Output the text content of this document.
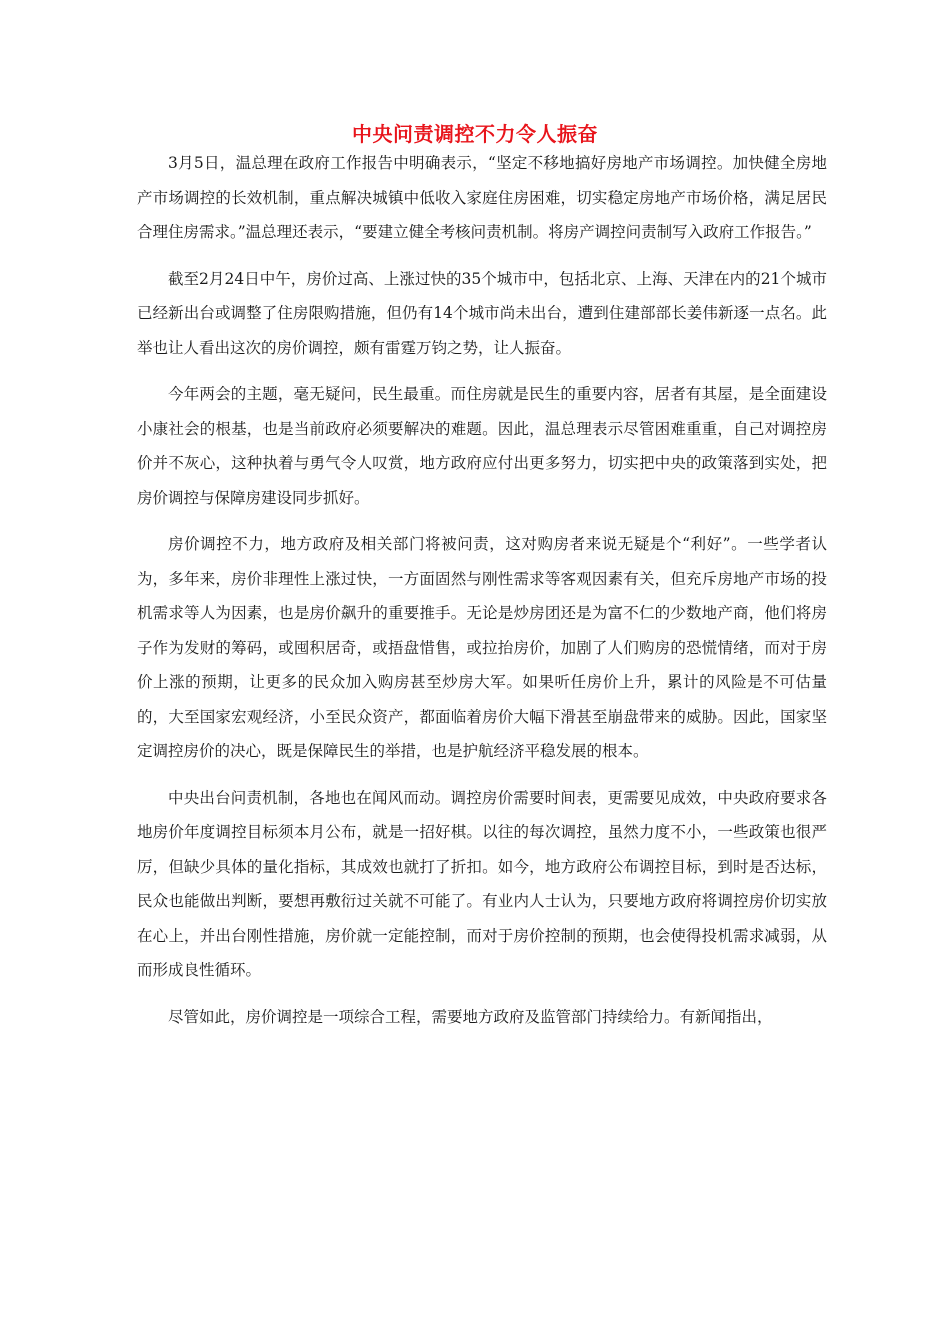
中央问责调控不力令人振奋

3月5日，温总理在政府工作报告中明确表示，“坚定不移地搞好房地产市场调控。加快健全房地产市场调控的长效机制，重点解决城镇中低收入家庭住房困难，切实稳定房地产市场价格，满足居民合理住房需求。”温总理还表示，“要建立健全考核问责机制。将房产调控问责制写入政府工作报告。”

截至2月24日中午，房价过高、上涨过快的35个城市中，包括北京、上海、天津在内的21个城市已经新出台或调整了住房限购措施，但仍有14个城市尚未出台，遭到住建部部长姜伟新逐一点名。此举也让人看出这次的房价调控，颇有雷霆万钧之势，让人振奋。

今年两会的主题，毫无疑问，民生最重。而住房就是民生的重要内容，居者有其屋，是全面建设小康社会的根基，也是当前政府必须要解决的难题。因此，温总理表示尽管困难重重，自己对调控房价并不灰心，这种执着与勇气令人叹赏，地方政府应付出更多努力，切实把中央的政策落到实处，把房价调控与保障房建设同步抓好。

房价调控不力，地方政府及相关部门将被问责，这对购房者来说无疑是个“利好”。一些学者认为，多年来，房价非理性上涨过快，一方面固然与刚性需求等客观因素有关，但充斥房地产市场的投机需求等人为因素，也是房价飙升的重要推手。无论是炒房团还是为富不仁的少数地产商，他们将房子作为发财的筹码，或囤积居奇，或捂盘惜售，或拉抬房价，加剧了人们购房的恐慌情绪，而对于房价上涨的预期，让更多的民众加入购房甚至炒房大军。如果听任房价上升，累计的风险是不可估量的，大至国家宏观经济，小至民众资产，都面临着房价大幅下滑甚至崩盘带来的威胁。因此，国家坚定调控房价的决心，既是保障民生的举措，也是护航经济平稳发展的根本。

中央出台问责机制，各地也在闻风而动。调控房价需要时间表，更需要见成效，中央政府要求各地房价年度调控目标须本月公布，就是一招好棋。以往的每次调控，虽然力度不小，一些政策也很严厉，但缺少具体的量化指标，其成效也就打了折扣。如今，地方政府公布调控目标，到时是否达标，民众也能做出判断，要想再敷衍过关就不可能了。有业内人士认为，只要地方政府将调控房价切实放在心上，并出台刚性措施，房价就一定能控制，而对于房价控制的预期，也会使得投机需求减弱，从而形成良性循环。

尽管如此，房价调控是一项综合工程，需要地方政府及监管部门持续给力。有新闻指出，
